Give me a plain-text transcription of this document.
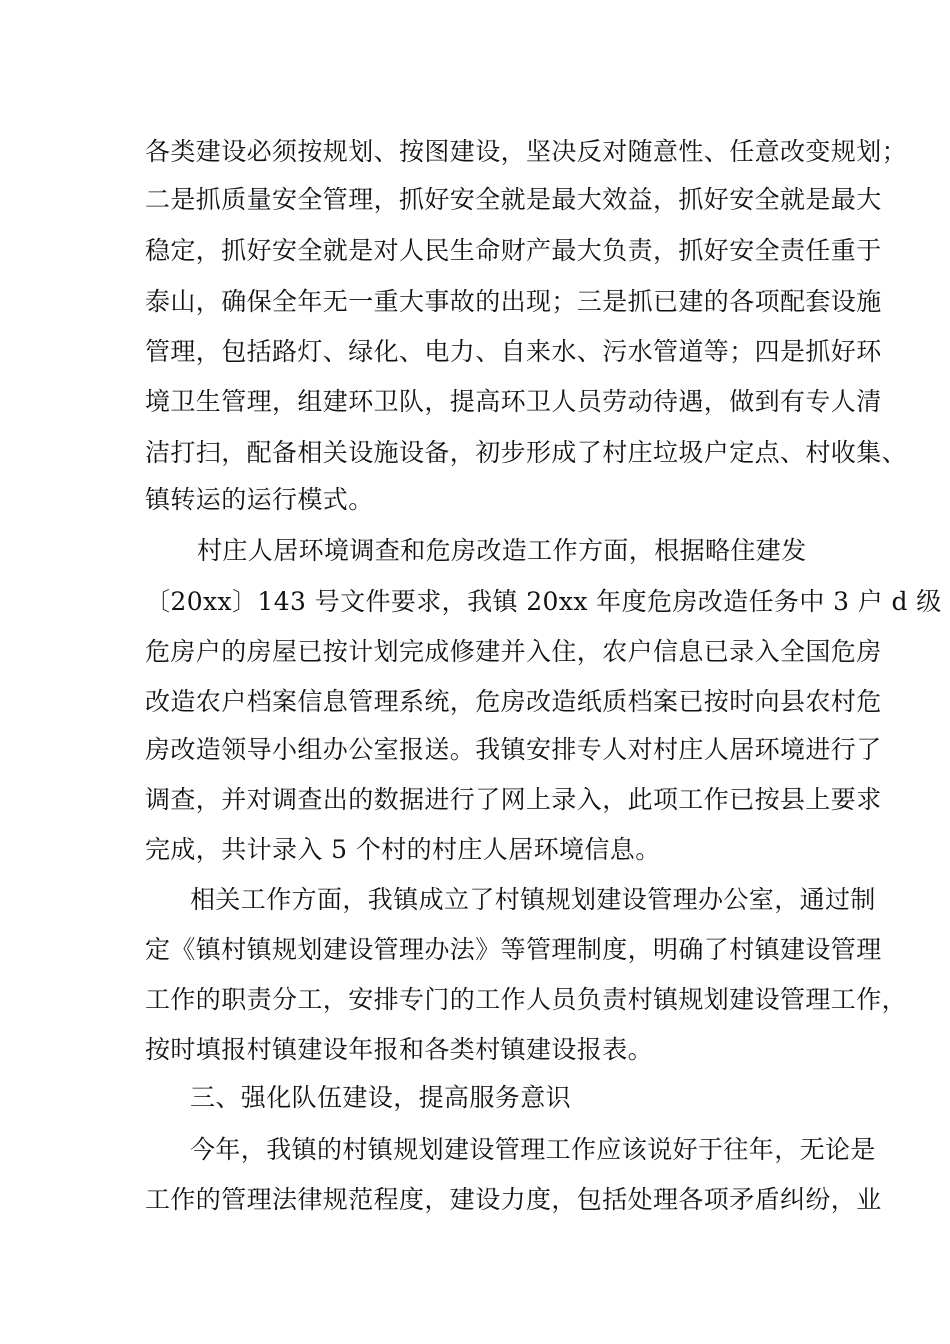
各类建设必须按规划、按图建设，坚决反对随意性、任意改变规划；
二是抓质量安全管理，抓好安全就是最大效益，抓好安全就是最大
稳定，抓好安全就是对人民生命财产最大负责，抓好安全责任重于
泰山，确保全年无一重大事故的出现；三是抓已建的各项配套设施
管理，包括路灯、绿化、电力、自来水、污水管道等；四是抓好环
境卫生管理，组建环卫队，提高环卫人员劳动待遇，做到有专人清
洁打扫，配备相关设施设备，初步形成了村庄垃圾户定点、村收集、
镇转运的运行模式。
村庄人居环境调查和危房改造工作方面，根据略住建发
〔20xx〕143 号文件要求，我镇 20xx 年度危房改造任务中 3 户 d 级
危房户的房屋已按计划完成修建并入住，农户信息已录入全国危房
改造农户档案信息管理系统，危房改造纸质档案已按时向县农村危
房改造领导小组办公室报送。我镇安排专人对村庄人居环境进行了
调查，并对调查出的数据进行了网上录入，此项工作已按县上要求
完成，共计录入 5 个村的村庄人居环境信息。
相关工作方面，我镇成立了村镇规划建设管理办公室，通过制
定《镇村镇规划建设管理办法》等管理制度，明确了村镇建设管理
工作的职责分工，安排专门的工作人员负责村镇规划建设管理工作，
按时填报村镇建设年报和各类村镇建设报表。
三、强化队伍建设，提高服务意识
今年，我镇的村镇规划建设管理工作应该说好于往年，无论是
工作的管理法律规范程度，建设力度，包括处理各项矛盾纠纷，业
